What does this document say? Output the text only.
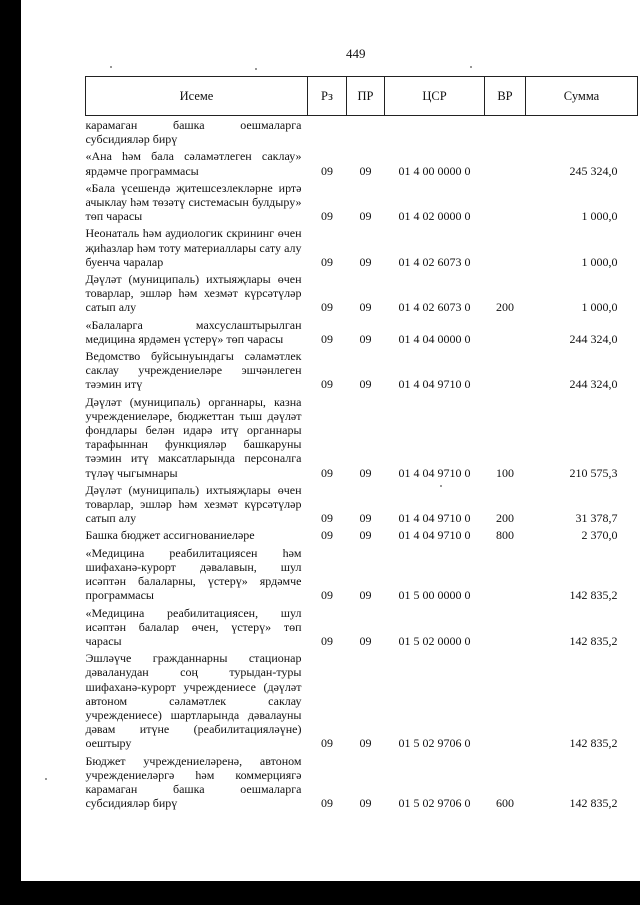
449
Исеме	Рз	ПР	ЦСР	ВР	Сумма
карамаган башка оешмаларга субсидияләр бирү					
«Ана һәм бала сәламәтлеген саклау» ярдәмче программасы	09	09	01 4 00 0000 0		245 324,0
«Бала үсешендә җитешсезлекләрне иртә ачыклау һәм төзәтү системасын булдыру» төп чарасы	09	09	01 4 02 0000 0		1 000,0
Неонаталь һәм аудиологик скрининг өчен җиһазлар һәм тоту материаллары сату алу буенча чаралар	09	09	01 4 02 6073 0		1 000,0
Дәүләт (муниципаль) ихтыяҗлары өчен товарлар, эшләр һәм хезмәт күрсәтүләр сатып алу	09	09	01 4 02 6073 0	200	1 000,0
«Балаларга махсуслаштырылган медицина ярдәмен үстерү» төп чарасы	09	09	01 4 04 0000 0		244 324,0
Ведомство буйсынуындагы сәламәтлек саклау учреждениеләре эшчәнлеген тәэмин итү	09	09	01 4 04 9710 0		244 324,0
Дәүләт (муниципаль) органнары, казна учреждениеләре, бюджеттан тыш дәүләт фондлары белән идарә итү органнары тарафыннан функцияләр башкаруны тәэмин итү максатларында персоналга түләү чыгымнары	09	09	01 4 04 9710 0	100	210 575,3
Дәүләт (муниципаль) ихтыяҗлары өчен товарлар, эшләр һәм хезмәт күрсәтүләр сатып алу	09	09	01 4 04 9710 0	200	31 378,7
Башка бюджет ассигнованиеләре	09	09	01 4 04 9710 0	800	2 370,0
«Медицина реабилитациясен һәм шифаханә-курорт дәвалавын, шул исәптән балаларны, үстерү» ярдәмче программасы	09	09	01 5 00 0000 0		142 835,2
«Медицина реабилитациясен, шул исәптән балалар өчен, үстерү» төп чарасы	09	09	01 5 02 0000 0		142 835,2
Эшләүче гражданнарны стационар дәваланудан соң турыдан-туры шифаханә-курорт учреждениесе (дәүләт автоном сәламәтлек саклау учреждениесе) шартларында дәвалауны дәвам итүне (реабилитацияләүне) оештыру	09	09	01 5 02 9706 0		142 835,2
Бюджет учреждениеләренә, автоном учреждениеләргә һәм коммерциягә карамаган башка оешмаларга субсидияләр бирү	09	09	01 5 02 9706 0	600	142 835,2
